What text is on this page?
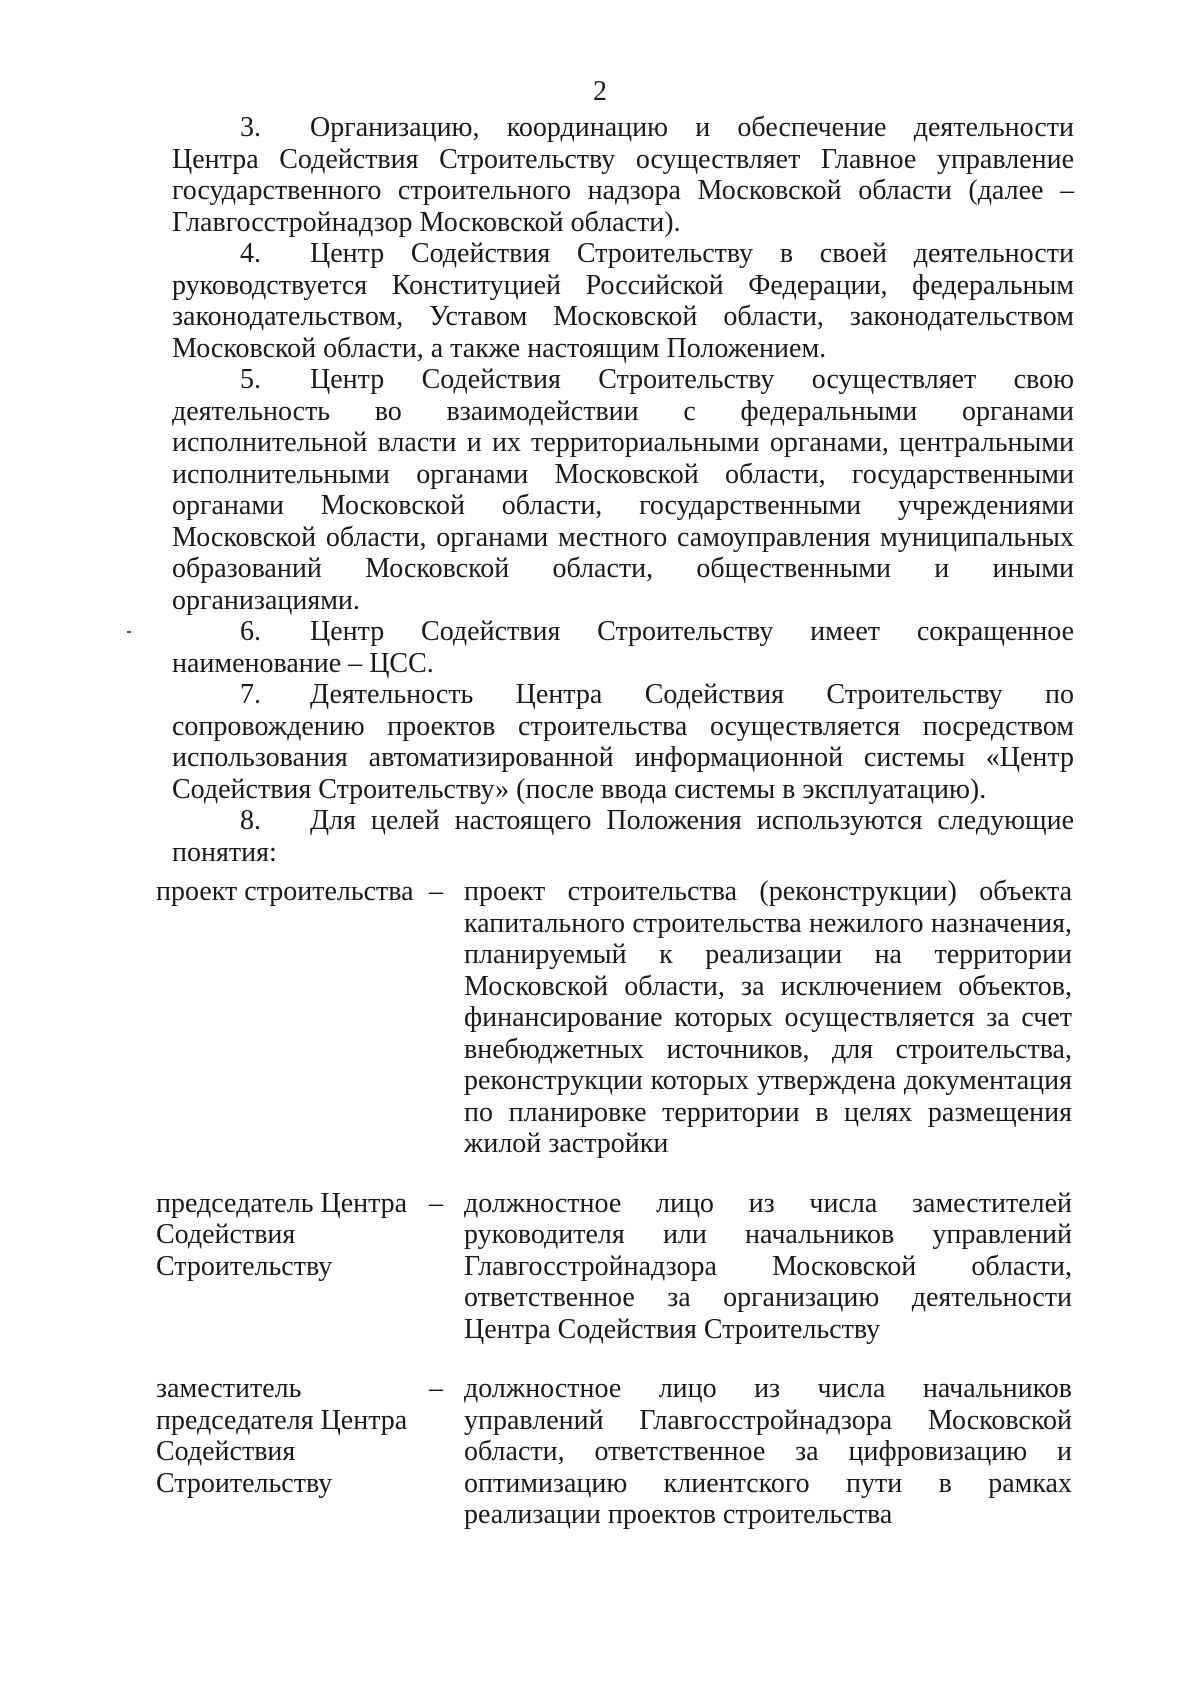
2

3. Организацию, координацию и обеспечение деятельности Центра Содействия Строительству осуществляет Главное управление государственного строительного надзора Московской области (далее – Главгосстройнадзор Московской области).

4. Центр Содействия Строительству в своей деятельности руководствуется Конституцией Российской Федерации, федеральным законодательством, Уставом Московской области, законодательством Московской области, а также настоящим Положением.

5. Центр Содействия Строительству осуществляет свою деятельность во взаимодействии с федеральными органами исполнительной власти и их территориальными органами, центральными исполнительными органами Московской области, государственными органами Московской области, государственными учреждениями Московской области, органами местного самоуправления муниципальных образований Московской области, общественными и иными организациями.

6. Центр Содействия Строительству имеет сокращенное наименование – ЦСС.

7. Деятельность Центра Содействия Строительству по сопровождению проектов строительства осуществляется посредством использования автоматизированной информационной системы «Центр Содействия Строительству» (после ввода системы в эксплуатацию).

8. Для целей настоящего Положения используются следующие понятия:

проект строительства – проект строительства (реконструкции) объекта капитального строительства нежилого назначения, планируемый к реализации на территории Московской области, за исключением объектов, финансирование которых осуществляется за счет внебюджетных источников, для строительства, реконструкции которых утверждена документация по планировке территории в целях размещения жилой застройки
председатель Центра Содействия Строительству
– должностное лицо из числа заместителей руководителя или начальников управлений Главгосстройнадзора Московской области, ответственное за организацию деятельности Центра Содействия Строительству
заместитель председателя Центра Содействия Строительству
– должностное лицо из числа начальников управлений Главгосстройнадзора Московской области, ответственное за цифровизацию и оптимизацию клиентского пути в рамках реализации проектов строительства
